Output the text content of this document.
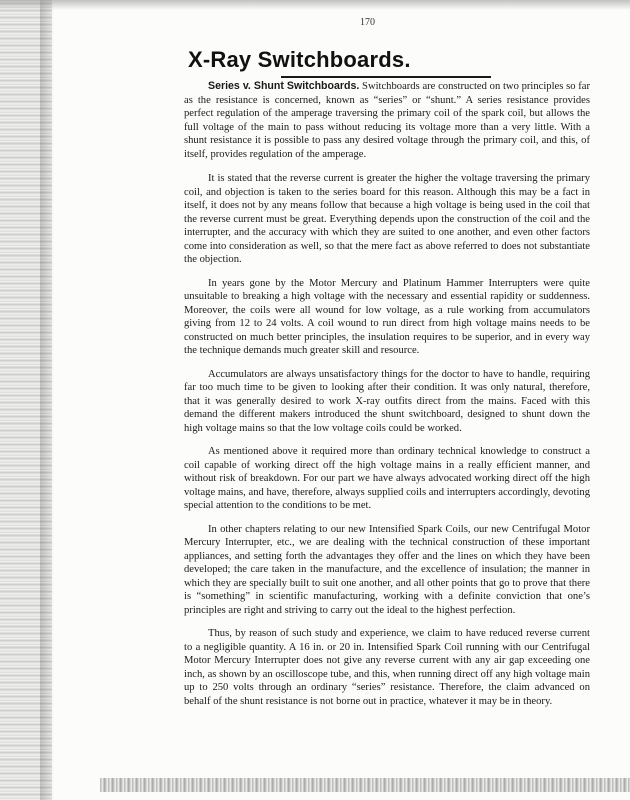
170
X-Ray Switchboards.

Series v. Shunt Switchboards. Switchboards are constructed on two principles so far as the resistance is concerned, known as “series” or “shunt.” A series resistance provides perfect regulation of the amperage traversing the primary coil of the spark coil, but allows the full voltage of the main to pass without reducing its voltage more than a very little. With a shunt resistance it is possible to pass any desired voltage through the primary coil, and this, of itself, provides regulation of the amperage.

It is stated that the reverse current is greater the higher the voltage traversing the primary coil, and objection is taken to the series board for this reason. Although this may be a fact in itself, it does not by any means follow that because a high voltage is being used in the coil that the reverse current must be great. Everything depends upon the construction of the coil and the interrupter, and the accuracy with which they are suited to one another, and even other factors come into consideration as well, so that the mere fact as above referred to does not substantiate the objection.

In years gone by the Motor Mercury and Platinum Hammer Interrupters were quite unsuitable to breaking a high voltage with the necessary and essential rapidity or suddenness. Moreover, the coils were all wound for low voltage, as a rule working from accumulators giving from 12 to 24 volts. A coil wound to run direct from high voltage mains needs to be constructed on much better principles, the insulation requires to be superior, and in every way the technique demands much greater skill and resource.

Accumulators are always unsatisfactory things for the doctor to have to handle, requiring far too much time to be given to looking after their condition. It was only natural, therefore, that it was generally desired to work X-ray outfits direct from the mains. Faced with this demand the different makers introduced the shunt switchboard, designed to shunt down the high voltage mains so that the low voltage coils could be worked.

As mentioned above it required more than ordinary technical knowledge to construct a coil capable of working direct off the high voltage mains in a really efficient manner, and without risk of breakdown. For our part we have always advocated working direct off the high voltage mains, and have, therefore, always supplied coils and interrupters accordingly, devoting special attention to the conditions to be met.

In other chapters relating to our new Intensified Spark Coils, our new Centrifugal Motor Mercury Interrupter, etc., we are dealing with the technical construction of these important appliances, and setting forth the advantages they offer and the lines on which they have been developed; the care taken in the manufacture, and the excellence of insulation; the manner in which they are specially built to suit one another, and all other points that go to prove that there is “something” in scientific manufacturing, working with a definite conviction that one’s principles are right and striving to carry out the ideal to the highest perfection.

Thus, by reason of such study and experience, we claim to have reduced reverse current to a negligible quantity. A 16 in. or 20 in. Intensified Spark Coil running with our Centrifugal Motor Mercury Interrupter does not give any reverse current with any air gap exceeding one inch, as shown by an oscilloscope tube, and this, when running direct off any high voltage main up to 250 volts through an ordinary “series” resistance. Therefore, the claim advanced on behalf of the shunt resistance is not borne out in practice, whatever it may be in theory.
